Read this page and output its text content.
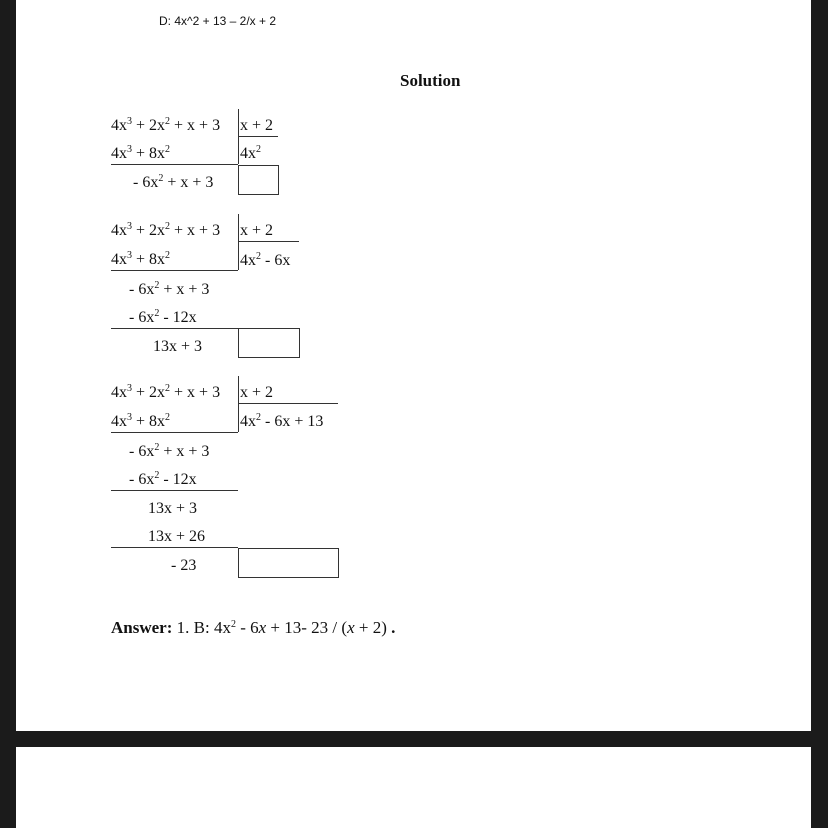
D: 4x^2 + 13 – 2/x + 2
Solution
$4x^3 + 2x^2 + x + 3$ x + 2
$4x^3 + 8x^2$	$4x^2$
- $6x^2 + x + 3$
$4x^3 + 2x^2 + x + 3$ x + 2
$4x^3 + 8x^2$	$4x^2 - 6x$
- $6x^2 + x + 3$
- $6x^2 - 12x$
13x + 3
$4x^3 + 2x^2 + x + 3$ x + 2
$4x^3 + 8x^2$	$4x^2 - 6x + 13$
- $6x^2 + x + 3$
- $6x^2 - 12x$
13x + 3
13x + 26
- 23
Answer: 1. B: $4x^2 - 6x + 13-$ 23 / (x + 2) .
